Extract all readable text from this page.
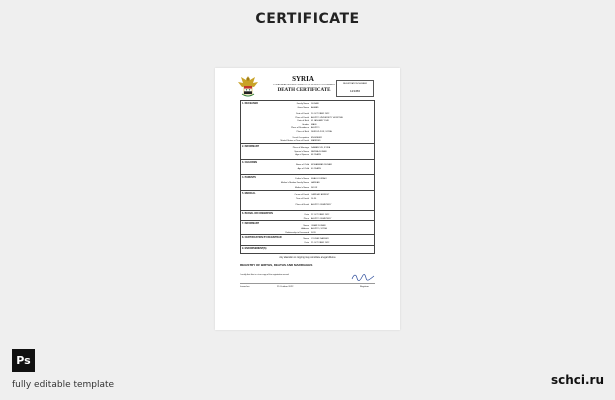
CERTIFICATE
SYRIA
SYRIAN ARAB REPUBLIC MINISTRY OF INTERIOR CIVIL AFFAIRS
DEATH CERTIFICATE
REGISTRATION NUMBER
123456
1. DECEASED	Family Name DURAKI
Given Name AHMAD
Date of Death 20 OCTOBER 2022
Place of Death ALEPPO UNIVERSITY HOSPITAL
Date of Birth 01 JANUARY 1948
Gender MALE
Place of Residence ALEPPO
Place of Birth DEIR EZ-ZOR, SYRIA
Usual Occupation ENGINEER
Marital Status at Time of Death MARRIED
2. INFORMANT	Place of Marriage DAMASCUS, SYRIA
Spouse's Name FATIMA DURAKI
Age of Spouse 68 YEARS
3. CHILDREN
Name of Child MOHAMMAD DURAKI
Age of Child 40 YEARS
4. PARENTS	Father's Name KHALIL DURAKI
Mother's Maiden Family Name HADDAD
Mother's Name NOOR
5. MEDICAL	Cause of Death CARDIAC ARREST
Time of Death 14:30
Place of Burial ALEPPO CEMETERY
6. BURIAL OR CREMATION	Date 22 OCTOBER 2022
Place ALEPPO CEMETERY
7. INFORMANT
Name OMAR DURAKI
Address ALEPPO, SYRIA
Relationship to Deceased SON
8. CERTIFICATION BY REGISTRAR	Name YOUSEF NASSER
Date 25 OCTOBER 2022
9. ENDORSEMENT(S)
Any alteration or copying may constitute a legal offence
REGISTRY OF BIRTHS, DEATHS AND MARRIAGES
I certify that this is a true copy of the registration record
Issued on	25 October 2022	Registrar
Ps
fully editable template	schci.ru
